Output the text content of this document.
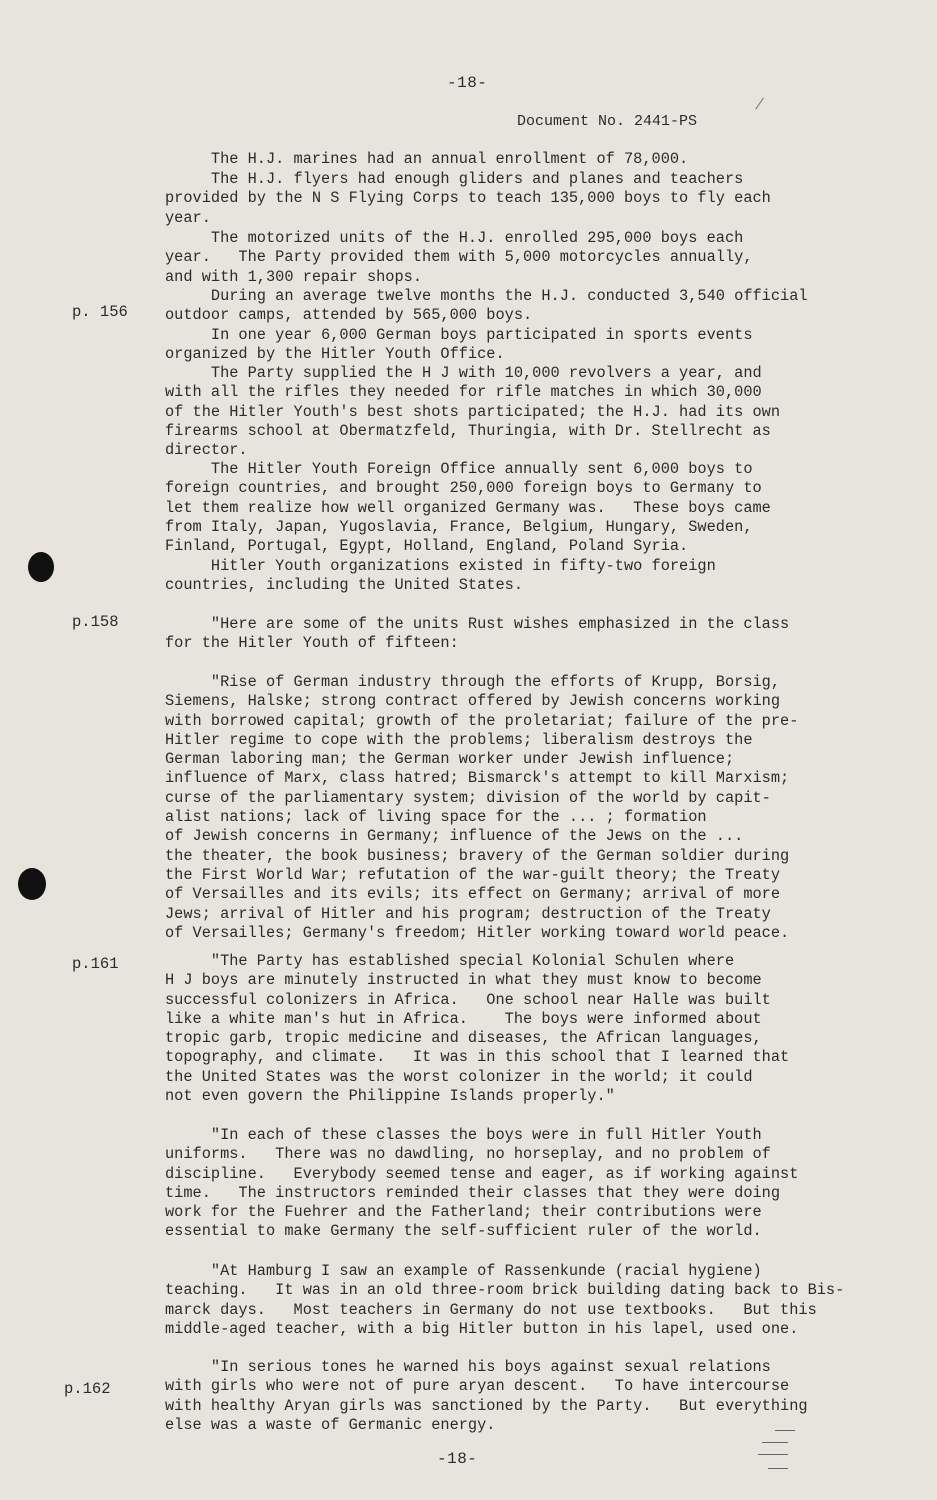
-18-
Document No. 2441-PS
p. 156
p.158
p.161
p.162
The H.J. marines had an annual enrollment of 78,000.
The H.J. flyers had enough gliders and planes and teachers
provided by the N S Flying Corps to teach 135,000 boys to fly each
year.
The motorized units of the H.J. enrolled 295,000 boys each
year.   The Party provided them with 5,000 motorcycles annually,
and with 1,300 repair shops.
During an average twelve months the H.J. conducted 3,540 official
outdoor camps, attended by 565,000 boys.
In one year 6,000 German boys participated in sports events
organized by the Hitler Youth Office.
The Party supplied the H J with 10,000 revolvers a year, and
with all the rifles they needed for rifle matches in which 30,000
of the Hitler Youth's best shots participated; the H.J. had its own
firearms school at Obermatzfeld, Thuringia, with Dr. Stellrecht as
director.
The Hitler Youth Foreign Office annually sent 6,000 boys to
foreign countries, and brought 250,000 foreign boys to Germany to
let them realize how well organized Germany was.   These boys came
from Italy, Japan, Yugoslavia, France, Belgium, Hungary, Sweden,
Finland, Portugal, Egypt, Holland, England, Poland Syria.
Hitler Youth organizations existed in fifty-two foreign
countries, including the United States.
"Here are some of the units Rust wishes emphasized in the class
for the Hitler Youth of fifteen:
"Rise of German industry through the efforts of Krupp, Borsig,
Siemens, Halske; strong contract offered by Jewish concerns working
with borrowed capital; growth of the proletariat; failure of the pre-
Hitler regime to cope with the problems; liberalism destroys the
German laboring man; the German worker under Jewish influence;
influence of Marx, class hatred; Bismarck's attempt to kill Marxism;
curse of the parliamentary system; division of the world by capit-
alist nations; lack of living space for the ... ; formation
of Jewish concerns in Germany; influence of the Jews on the ...
the theater, the book business; bravery of the German soldier during
the First World War; refutation of the war-guilt theory; the Treaty
of Versailles and its evils; its effect on Germany; arrival of more
Jews; arrival of Hitler and his program; destruction of the Treaty
of Versailles; Germany's freedom; Hitler working toward world peace.
"The Party has established special Kolonial Schulen where
H J boys are minutely instructed in what they must know to become
successful colonizers in Africa.   One school near Halle was built
like a white man's hut in Africa.    The boys were informed about
tropic garb, tropic medicine and diseases, the African languages,
topography, and climate.   It was in this school that I learned that
the United States was the worst colonizer in the world; it could
not even govern the Philippine Islands properly."
"In each of these classes the boys were in full Hitler Youth
uniforms.   There was no dawdling, no horseplay, and no problem of
discipline.   Everybody seemed tense and eager, as if working against
time.   The instructors reminded their classes that they were doing
work for the Fuehrer and the Fatherland; their contributions were
essential to make Germany the self-sufficient ruler of the world.
"At Hamburg I saw an example of Rassenkunde (racial hygiene)
teaching.   It was in an old three-room brick building dating back to Bis-
marck days.   Most teachers in Germany do not use textbooks.   But this
middle-aged teacher, with a big Hitler button in his lapel, used one.
"In serious tones he warned his boys against sexual relations
with girls who were not of pure aryan descent.   To have intercourse
with healthy Aryan girls was sanctioned by the Party.   But everything
else was a waste of Germanic energy.
-18-
